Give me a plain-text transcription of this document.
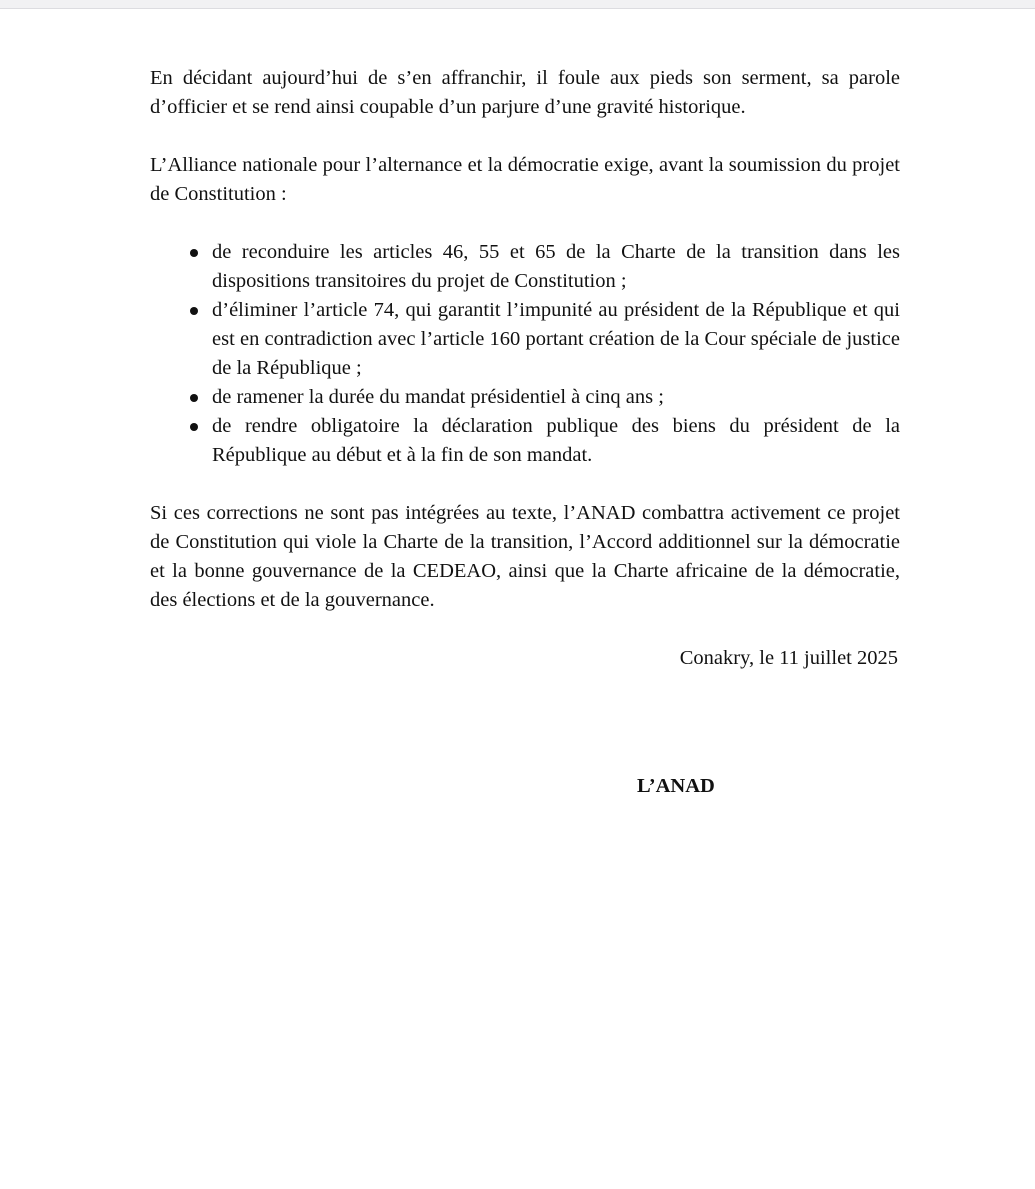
En décidant aujourd’hui de s’en affranchir, il foule aux pieds son serment, sa parole d’officier et se rend ainsi coupable d’un parjure d’une gravité historique.

L’Alliance nationale pour l’alternance et la démocratie exige, avant la soumission du projet de Constitution :

de reconduire les articles 46, 55 et 65 de la Charte de la transition dans les dispositions transitoires du projet de Constitution ;
d’éliminer l’article 74, qui garantit l’impunité au président de la République et qui est en contradiction avec l’article 160 portant création de la Cour spéciale de justice de la République ;
de ramener la durée du mandat présidentiel à cinq ans ;
de rendre obligatoire la déclaration publique des biens du président de la République au début et à la fin de son mandat.

Si ces corrections ne sont pas intégrées au texte, l’ANAD combattra activement ce projet de Constitution qui viole la Charte de la transition, l’Accord additionnel sur la démocratie et la bonne gouvernance de la CEDEAO, ainsi que la Charte africaine de la démocratie, des élections et de la gouvernance.

Conakry, le 11 juillet 2025

L’ANAD
